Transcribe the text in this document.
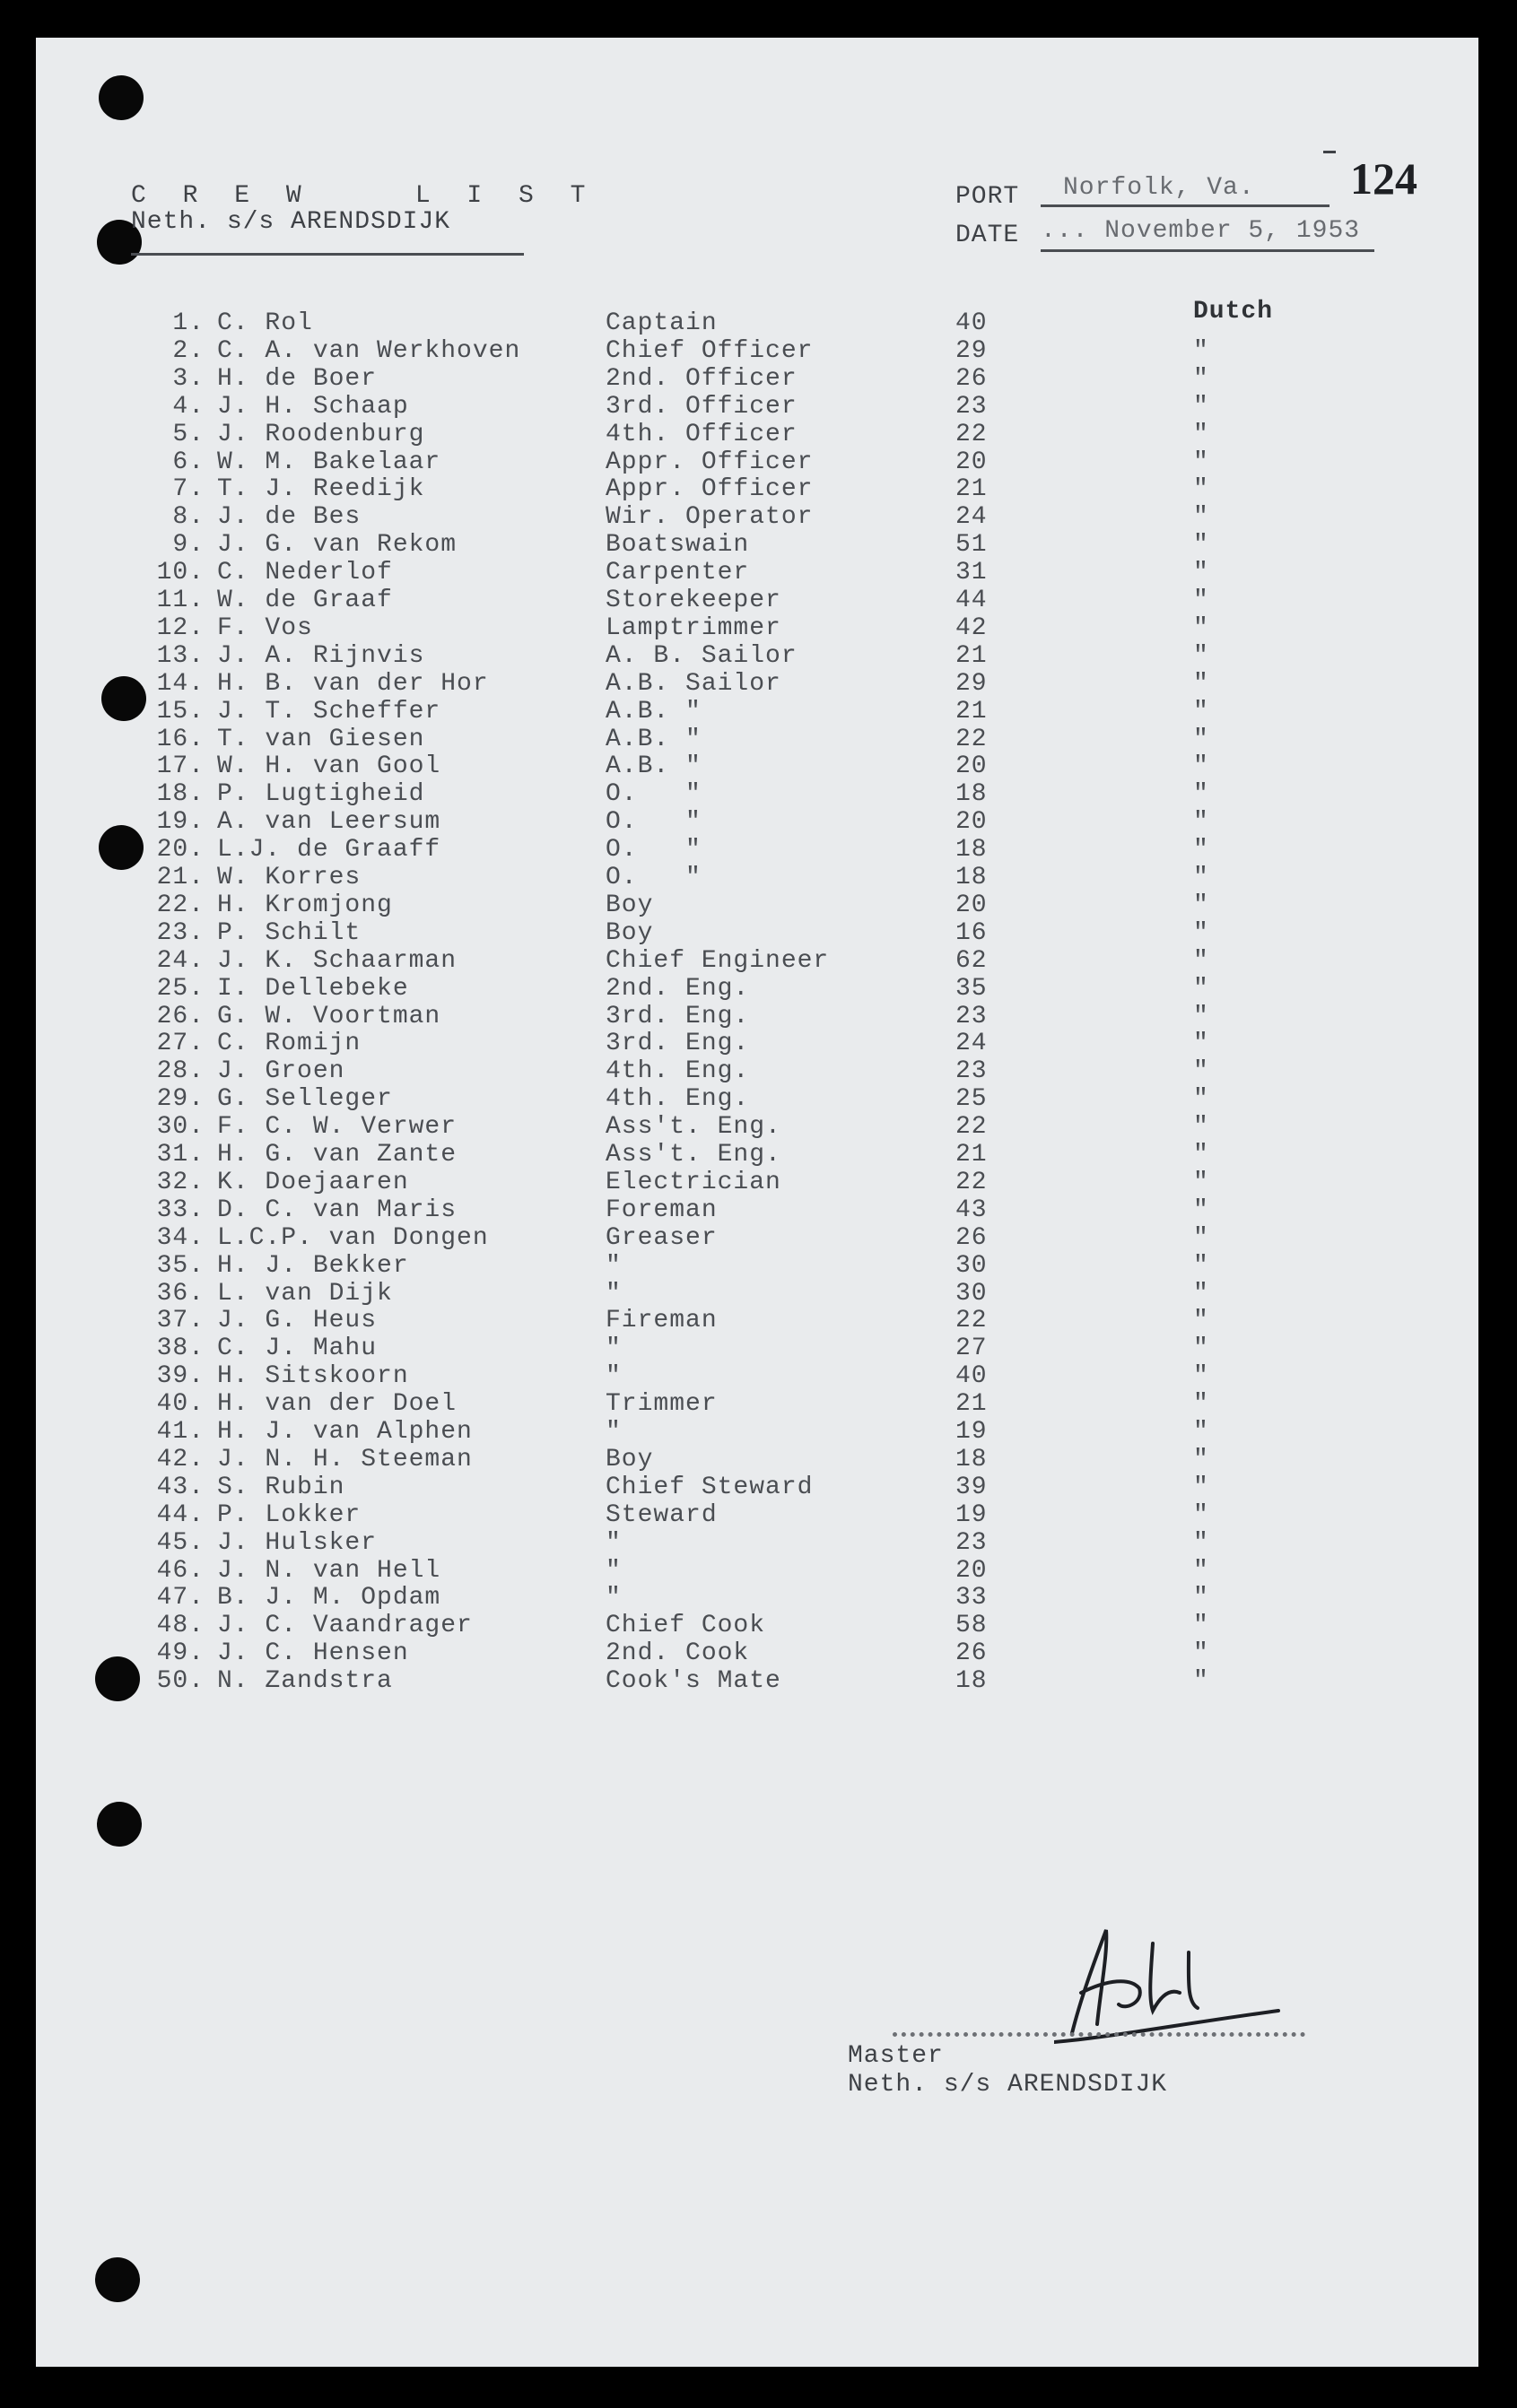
C R E W    L I S T
Neth. s/s ARENDSDIJK
PORT Norfolk, Va.
DATE ... November 5, 1953
124
Dutch
1. C. Rol	Captain	40
2. C. A. van Werkhoven	Chief Officer	29	"
3. H. de Boer	2nd. Officer	26	"
4. J. H. Schaap	3rd. Officer	23	"
5. J. Roodenburg	4th. Officer	22	"
6. W. M. Bakelaar	Appr. Officer	20	"
7. T. J. Reedijk	Appr. Officer	21	"
8. J. de Bes	Wir. Operator	24	"
9. J. G. van Rekom	Boatswain	51	"
10. C. Nederlof	Carpenter	31	"
11. W. de Graaf	Storekeeper	44	"
12. F. Vos	Lamptrimmer	42	"
13. J. A. Rijnvis	A. B. Sailor	21	"
14. H. B. van der Hor	A.B. Sailor	29	"
15. J. T. Scheffer	A.B. "	21	"
16. T. van Giesen	A.B. "	22	"
17. W. H. van Gool	A.B. "	20	"
18. P. Lugtigheid	O.   "	18	"
19. A. van Leersum	O.   "	20	"
20. L.J. de Graaff	O.   "	18	"
21. W. Korres	O.   "	18	"
22. H. Kromjong	Boy	20	"
23. P. Schilt	Boy	16	"
24. J. K. Schaarman	Chief Engineer	62	"
25. I. Dellebeke	2nd. Eng.	35	"
26. G. W. Voortman	3rd. Eng.	23	"
27. C. Romijn	3rd. Eng.	24	"
28. J. Groen	4th. Eng.	23	"
29. G. Selleger	4th. Eng.	25	"
30. F. C. W. Verwer	Ass't. Eng.	22	"
31. H. G. van Zante	Ass't. Eng.	21	"
32. K. Doejaaren	Electrician	22	"
33. D. C. van Maris	Foreman	43	"
34. L.C.P. van Dongen	Greaser	26	"
35. H. J. Bekker	"	30	"
36. L. van Dijk	"	30	"
37. J. G. Heus	Fireman	22	"
38. C. J. Mahu	"	27	"
39. H. Sitskoorn	"	40	"
40. H. van der Doel	Trimmer	21	"
41. H. J. van Alphen	"	19	"
42. J. N. H. Steeman	Boy	18	"
43. S. Rubin	Chief Steward	39	"
44. P. Lokker	Steward	19	"
45. J. Hulsker	"	23	"
46. J. N. van Hell	"	20	"
47. B. J. M. Opdam	"	33	"
48. J. C. Vaandrager	Chief Cook	58	"
49. J. C. Hensen	2nd. Cook	26	"
50. N. Zandstra	Cook's Mate	18	"
Master
Neth. s/s ARENDSDIJK
